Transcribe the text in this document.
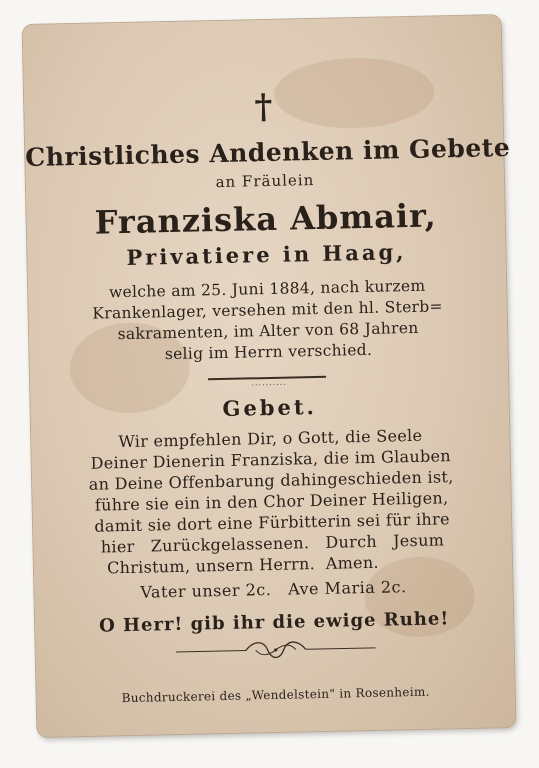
†
Christliches Andenken im Gebete
an Fräulein
Franziska Abmair,
Privatiere in Haag,
welche am 25. Juni 1884, nach kurzem
Krankenlager, versehen mit den hl. Sterb=
sakramenten, im Alter von 68 Jahren
selig im Herrn verschied.
..........
Gebet.
Wir empfehlen Dir, o Gott, die Seele
Deiner Dienerin Franziska, die im Glauben
an Deine Offenbarung dahingeschieden ist,
führe sie ein in den Chor Deiner Heiligen,
damit sie dort eine Fürbitterin sei für ihre
hier   Zurückgelassenen.   Durch   Jesum
Christum, unsern Herrn.  Amen.
Vater unser 2c.   Ave Maria 2c.
O Herr! gib ihr die ewige Ruhe!
Buchdruckerei des „Wendelstein" in Rosenheim.
